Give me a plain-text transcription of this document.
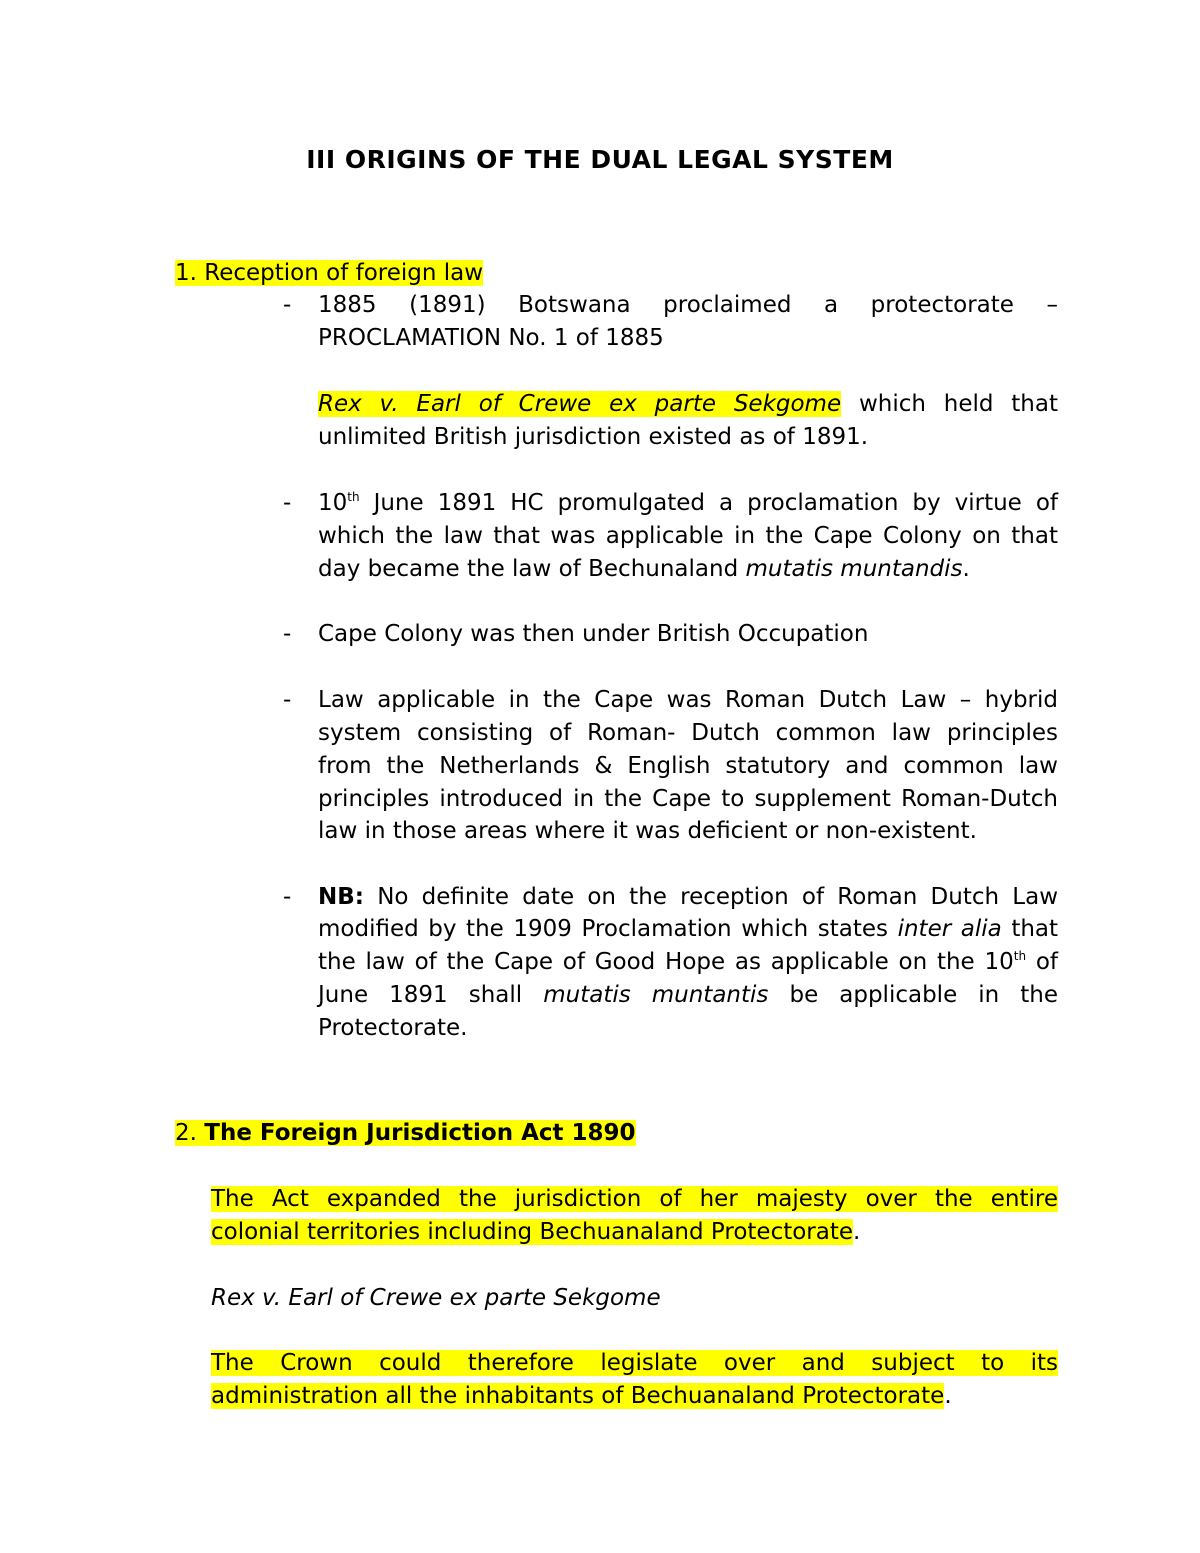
III ORIGINS OF THE DUAL LEGAL SYSTEM
1. Reception of foreign law
- 1885 (1891) Botswana proclaimed a protectorate –
PROCLAMATION No. 1 of 1885
Rex v. Earl of Crewe ex parte Sekgome which held that
unlimited British jurisdiction existed as of 1891.
- 10th June 1891 HC promulgated a proclamation by virtue of
which the law that was applicable in the Cape Colony on that
day became the law of Bechunaland mutatis muntandis.
- Cape Colony was then under British Occupation
- Law applicable in the Cape was Roman Dutch Law – hybrid
system consisting of Roman- Dutch common law principles
from the Netherlands & English statutory and common law
principles introduced in the Cape to supplement Roman-Dutch
law in those areas where it was deficient or non-existent.
- NB: No definite date on the reception of Roman Dutch Law
modified by the 1909 Proclamation which states inter alia that
the law of the Cape of Good Hope as applicable on the 10th of
June 1891 shall mutatis muntantis be applicable in the
Protectorate.
2. The Foreign Jurisdiction Act 1890
The Act expanded the jurisdiction of her majesty over the entire
colonial territories including Bechuanaland Protectorate.
Rex v. Earl of Crewe ex parte Sekgome
The Crown could therefore legislate over and subject to its
administration all the inhabitants of Bechuanaland Protectorate.
